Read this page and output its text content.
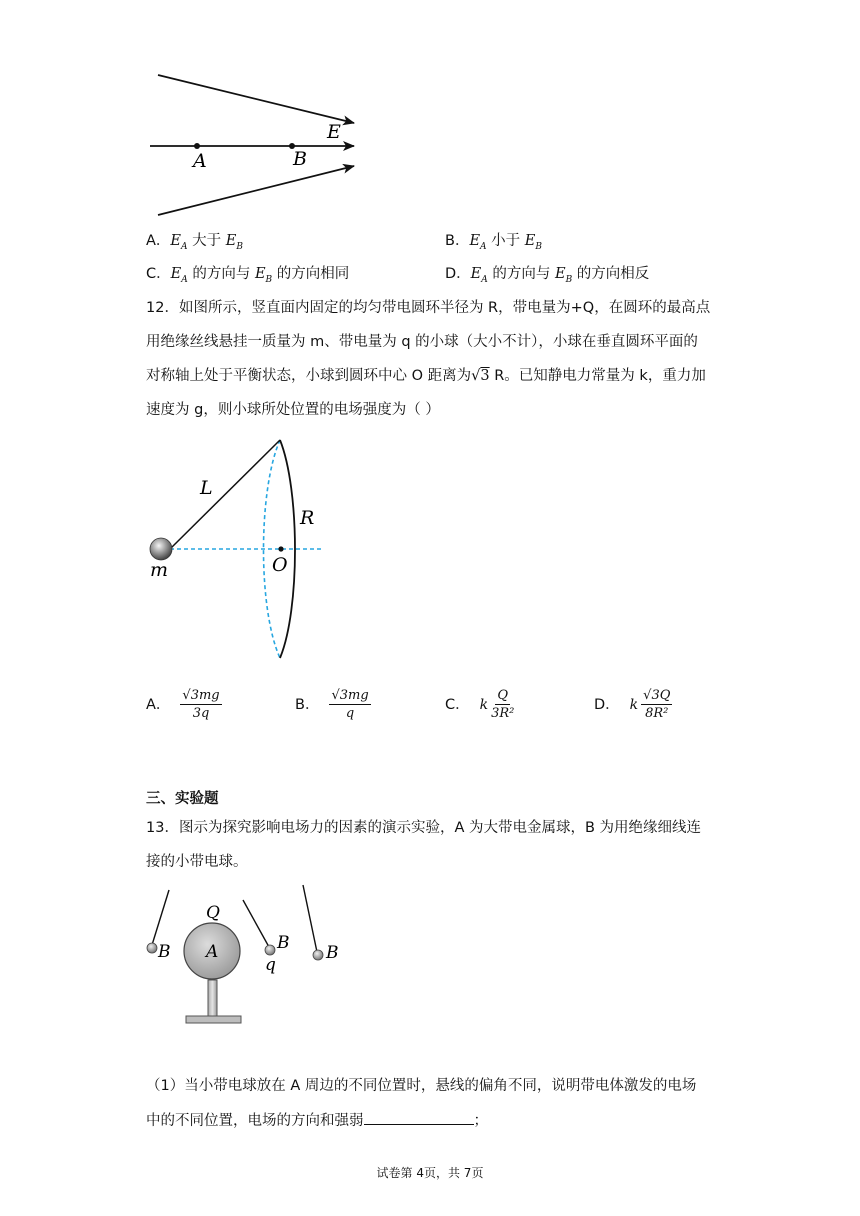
A	B
E
A．$E_A$ 大于 $E_B$	B．$E_A$ 小于 $E_B$
C．$E_A$ 的方向与 $E_B$ 的方向相同	D．$E_A$ 的方向与 $E_B$ 的方向相反
12．如图所示，竖直面内固定的均匀带电圆环半径为 R，带电量为+Q，在圆环的最高点
用绝缘丝线悬挂一质量为 m、带电量为 q 的小球（大小不计），小球在垂直圆环平面的
对称轴上处于平衡状态，小球到圆环中心 O 距离为√3 R。已知静电力常量为 k，重力加
速度为 g，则小球所处位置的电场强度为（ ）
L
R
O
m
A． $\frac{√3mg}{3q}$	B． $\frac{√3mg}{q}$	C． k $\frac{Q}{\text{3R²}}$	D． k $\frac{√3Q}{\text{8R²}}$
三、实验题
13．图示为探究影响电场力的因素的演示实验，A 为大带电金属球，B 为用绝缘细线连
接的小带电球。
Q
A
B	B
q
B
（1）当小带电球放在 A 周边的不同位置时，悬线的偏角不同，说明带电体激发的电场
中的不同位置，电场的方向和强弱	；
试卷第 4页，共 7页
